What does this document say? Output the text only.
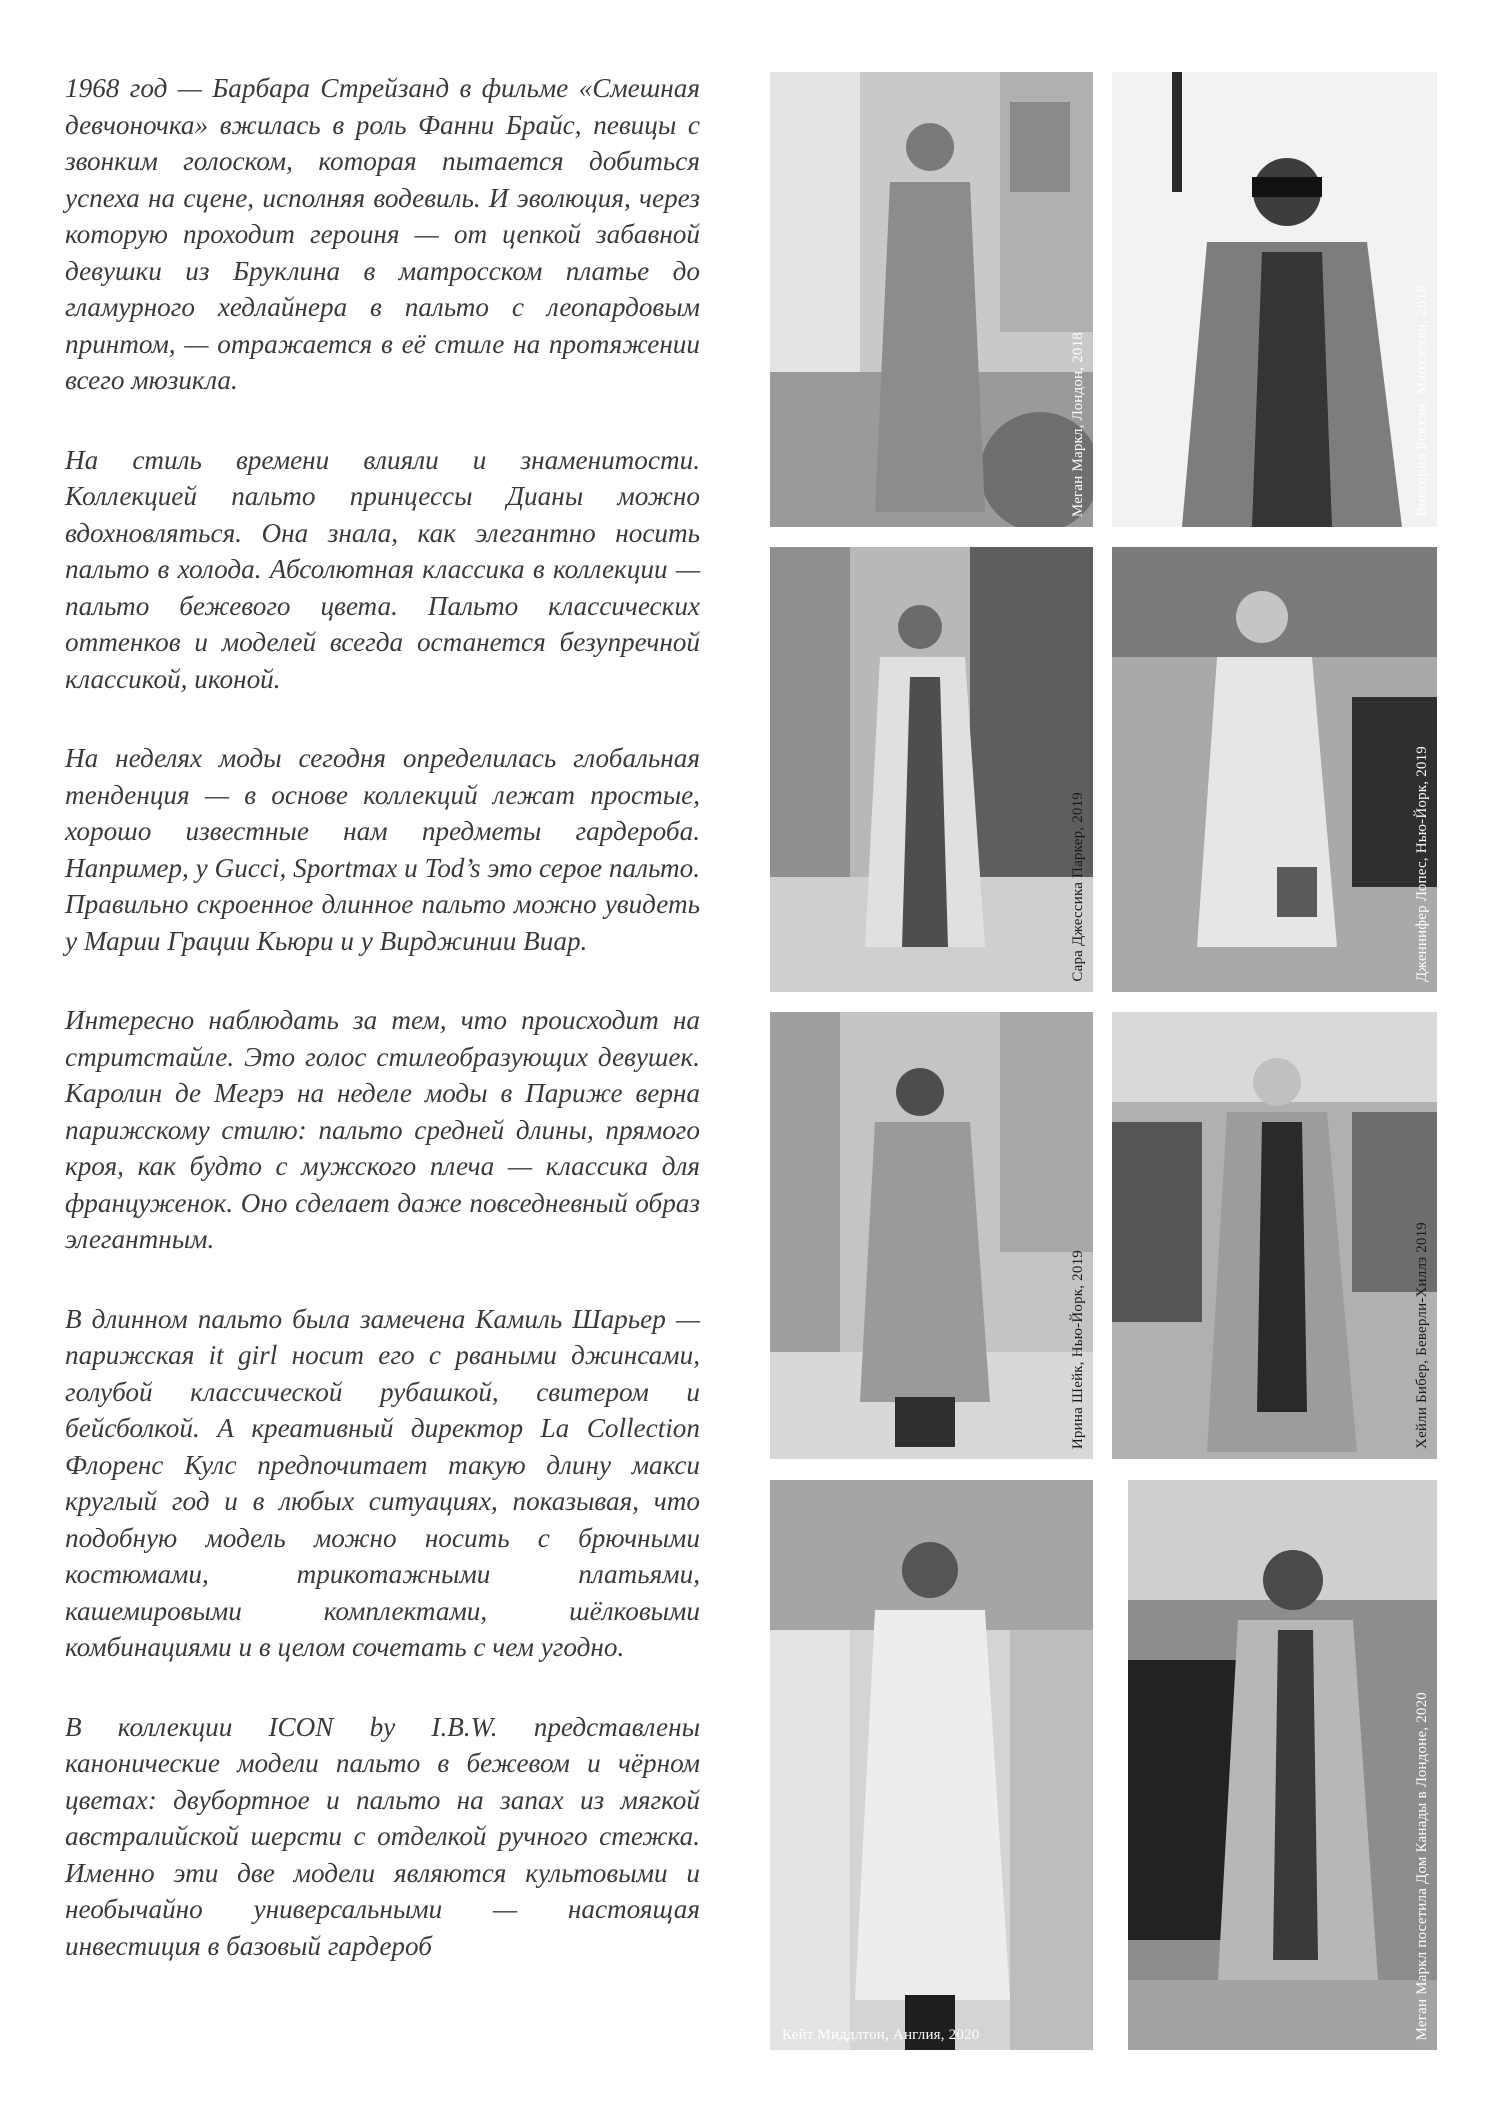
1968 год — Барбара Стрейзанд в фильме «Смешная девчоночка» вжилась в роль Фанни Брайс, певицы с звонким голоском, которая пытается добиться успеха на сцене, исполняя водевиль. И эволюция, через которую проходит героиня — от цепкой забавной девушки из Бруклина в матросском платье до гламурного хедлайнера в пальто с леопардовым принтом, — отражается в её стиле на протяжении всего мюзикла.

На стиль времени влияли и знаменитости. Коллекцией пальто принцессы Дианы можно вдохновляться. Она знала, как элегантно носить пальто в холода. Абсолютная классика в коллекции — пальто бежевого цвета. Пальто классических оттенков и моделей всегда останется безупречной классикой, иконой.

На неделях моды сегодня определилась глобальная тенденция — в основе коллекций лежат простые, хорошо известные нам предметы гардероба. Например, у Gucci, Sportmax и Tod’s это серое пальто. Правильно скроенное длинное пальто можно увидеть у Марии Грации Кьюри и у Вирджинии Виар.

Интересно наблюдать за тем, что происходит на стритстайле. Это голос стилеобразующих девушек. Каролин де Мегрэ на неделе моды в Париже верна парижскому стилю: пальто средней длины, прямого кроя, как будто с мужского плеча — классика для француженок. Оно сделает даже повседневный образ элегантным.

В длинном пальто была замечена Камиль Шарьер — парижская it girl носит его с рваными джинсами, голубой классической рубашкой, свитером и бейсболкой. А креативный директор La Collection Флоренс Кулс предпочитает такую длину макси круглый год и в любых ситуациях, показывая, что подобную модель можно носить с брючными костюмами, трикотажными платьями, кашемировыми комплектами, шёлковыми комбинациями и в целом сочетать с чем угодно.

В коллекции ICON by I.B.W. представлены канонические модели пальто в бежевом и чёрном цветах: двубортное и пальто на запах из мягкой австралийской шерсти с отделкой ручного стежка. Именно эти две модели являются культовыми и необычайно универсальными — настоящая инвестиция в базовый гардероб

Меган Маркл, Лондон, 2018	Виктория Бекхэм, Манхэттен, 2018
Сара Джессика Паркер, 2019	Дженнифер Лопес, Нью-Йорк, 2019
Ирина Шейк, Нью-Йорк, 2019	Хейли Бибер, Беверли-Хиллз 2019
Кейт Миддлтон, Англия, 2020	Меган Маркл посетила Дом Канады в Лондоне, 2020
